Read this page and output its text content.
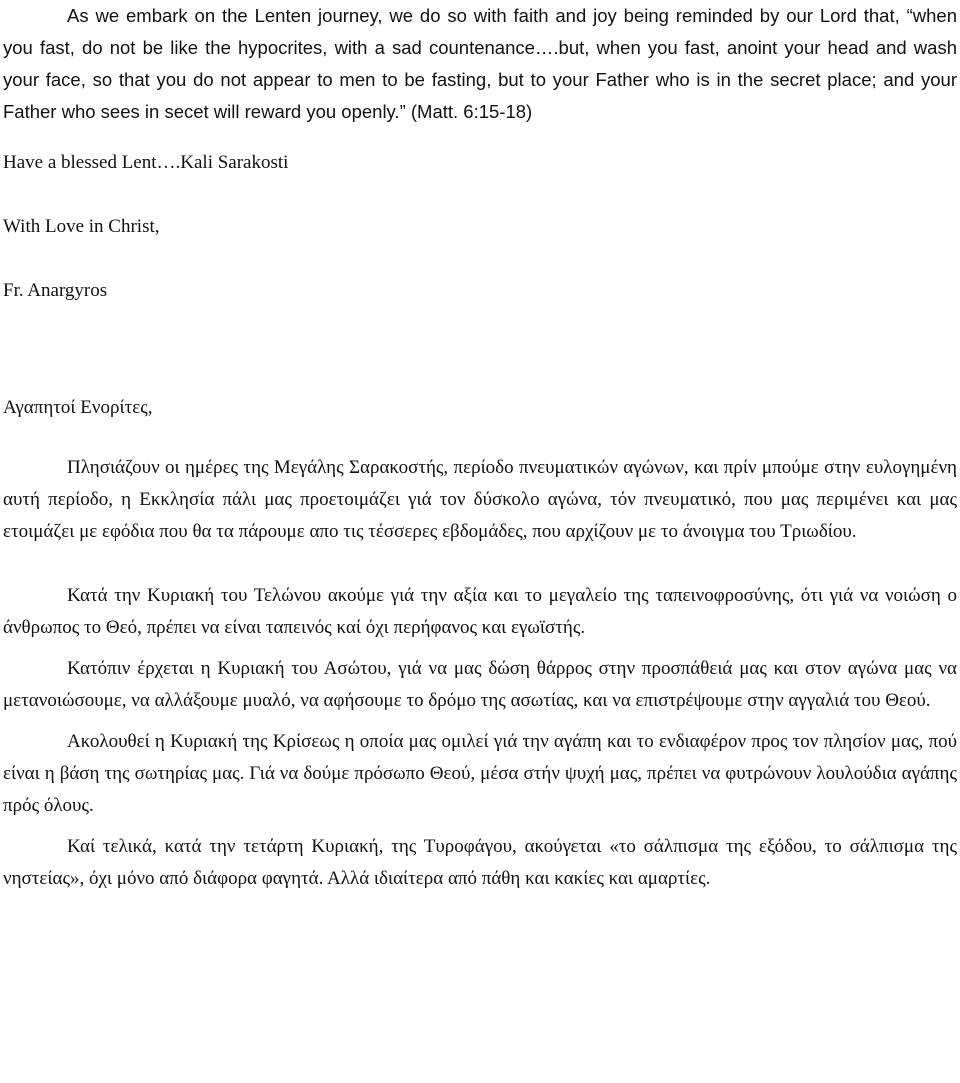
As we embark on the Lenten journey, we do so with faith and joy being reminded by our Lord that, “when you fast, do not be like the hypocrites, with a sad countenance….but, when you fast, anoint your head and wash your face, so that you do not appear to men to be fasting, but to your Father who is in the secret place; and your Father who sees in secet will reward you openly.” (Matt. 6:15-18)

Have a blessed Lent….Kali Sarakosti

With Love in Christ,

Fr. Anargyros

Αγαπητοί Ενορίτες,

Πλησιάζουν οι ημέρες της Μεγάλης Σαρακοστής, περίοδο πνευματικών αγώνων, και πρίν μπούμε στην ευλογημένη αυτή περίοδο, η Εκκλησία πάλι μας προετοιμάζει γιά τον δύσκολο αγώνα, τόν πνευματικό, που μας περιμένει και μας ετοιμάζει με εφόδια που θα τα πάρουμε απο τις τέσσερες εβδομάδες, που αρχίζουν με το άνοιγμα του Τριωδίου.

Κατά την Κυριακή του Τελώνου ακούμε γιά την αξία και το μεγαλείο της ταπεινοφροσύνης, ότι γιά να νοιώση ο άνθρωπος το Θεό, πρέπει να είναι ταπεινός καί όχι περήφανος και εγωϊστής.

Κατόπιν έρχεται η Κυριακή του Ασώτου, γιά να μας δώση θάρρος στην προσπάθειά μας και στον αγώνα μας να μετανοιώσουμε, να αλλάξουμε μυαλό, να αφήσουμε το δρόμο της ασωτίας, και να επιστρέψουμε στην αγγαλιά του Θεού.

Ακολουθεί η Κυριακή της Κρίσεως η οποία μας ομιλεί γιά την αγάπη και το ενδιαφέρον προς τον πλησίον μας, πού είναι η βάση της σωτηρίας μας. Γιά να δούμε πρόσωπο Θεού, μέσα στήν ψυχή μας, πρέπει να φυτρώνουν λουλούδια αγάπης πρός όλους.

Καί τελικά, κατά την τετάρτη Κυριακή, της Τυροφάγου, ακούγεται «το σάλπισμα της εξόδου, το σάλπισμα της νηστείας», όχι μόνο από διάφορα φαγητά. Αλλά ιδιαίτερα από πάθη και κακίες και αμαρτίες.
